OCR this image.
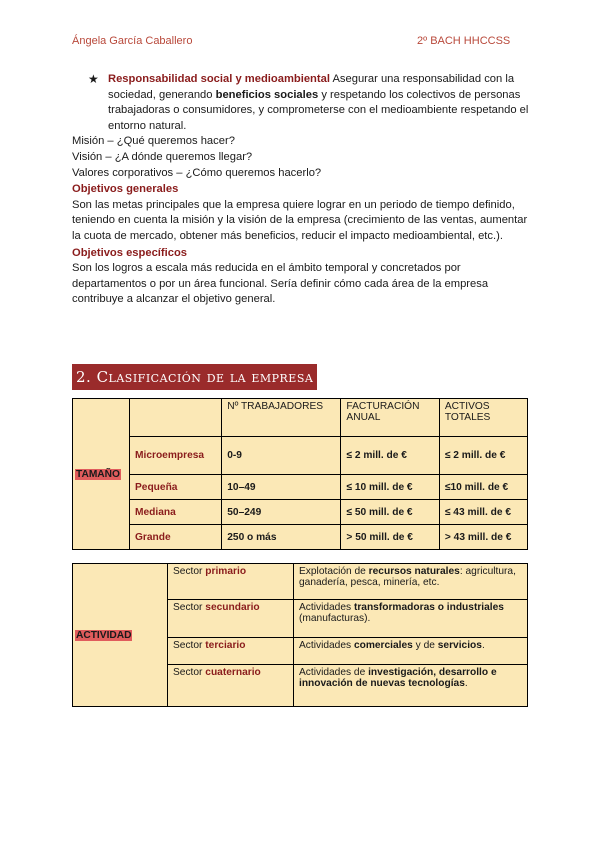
Ángela García Caballero	2º BACH HHCCSS
★ Responsabilidad social y medioambiental Asegurar una responsabilidad con la sociedad, generando beneficios sociales y respetando los colectivos de personas trabajadoras o consumidores, y comprometerse con el medioambiente respetando el entorno natural.

Misión – ¿Qué queremos hacer?

Visión – ¿A dónde queremos llegar?

Valores corporativos – ¿Cómo queremos hacerlo?

Objetivos generales

Son las metas principales que la empresa quiere lograr en un periodo de tiempo definido, teniendo en cuenta la misión y la visión de la empresa (crecimiento de las ventas, aumentar la cuota de mercado, obtener más beneficios, reducir el impacto medioambiental, etc.).

Objetivos específicos

Son los logros a escala más reducida en el ámbito temporal y concretados por departamentos o por un área funcional. Sería definir cómo cada área de la empresa contribuye a alcanzar el objetivo general.

2. Clasificación de la empresa
TAMAÑO		Nº TRABAJADORES	FACTURACIÓN ANUAL	ACTIVOS TOTALES
	Microempresa	0-9	≤ 2 mill. de €	≤ 2 mill. de €
	Pequeña	10–49	≤ 10 mill. de €	≤10 mill. de €
	Mediana	50–249	≤ 50 mill. de €	≤ 43 mill. de €
	Grande	250 o más	> 50 mill. de €	> 43 mill. de €
ACTIVIDAD	Sector primario	Explotación de recursos naturales: agricultura, ganadería, pesca, minería, etc.
	Sector secundario	Actividades transformadoras o industriales (manufacturas).
	Sector terciario	Actividades comerciales y de servicios.
	Sector cuaternario	Actividades de investigación, desarrollo e innovación de nuevas tecnologías.
